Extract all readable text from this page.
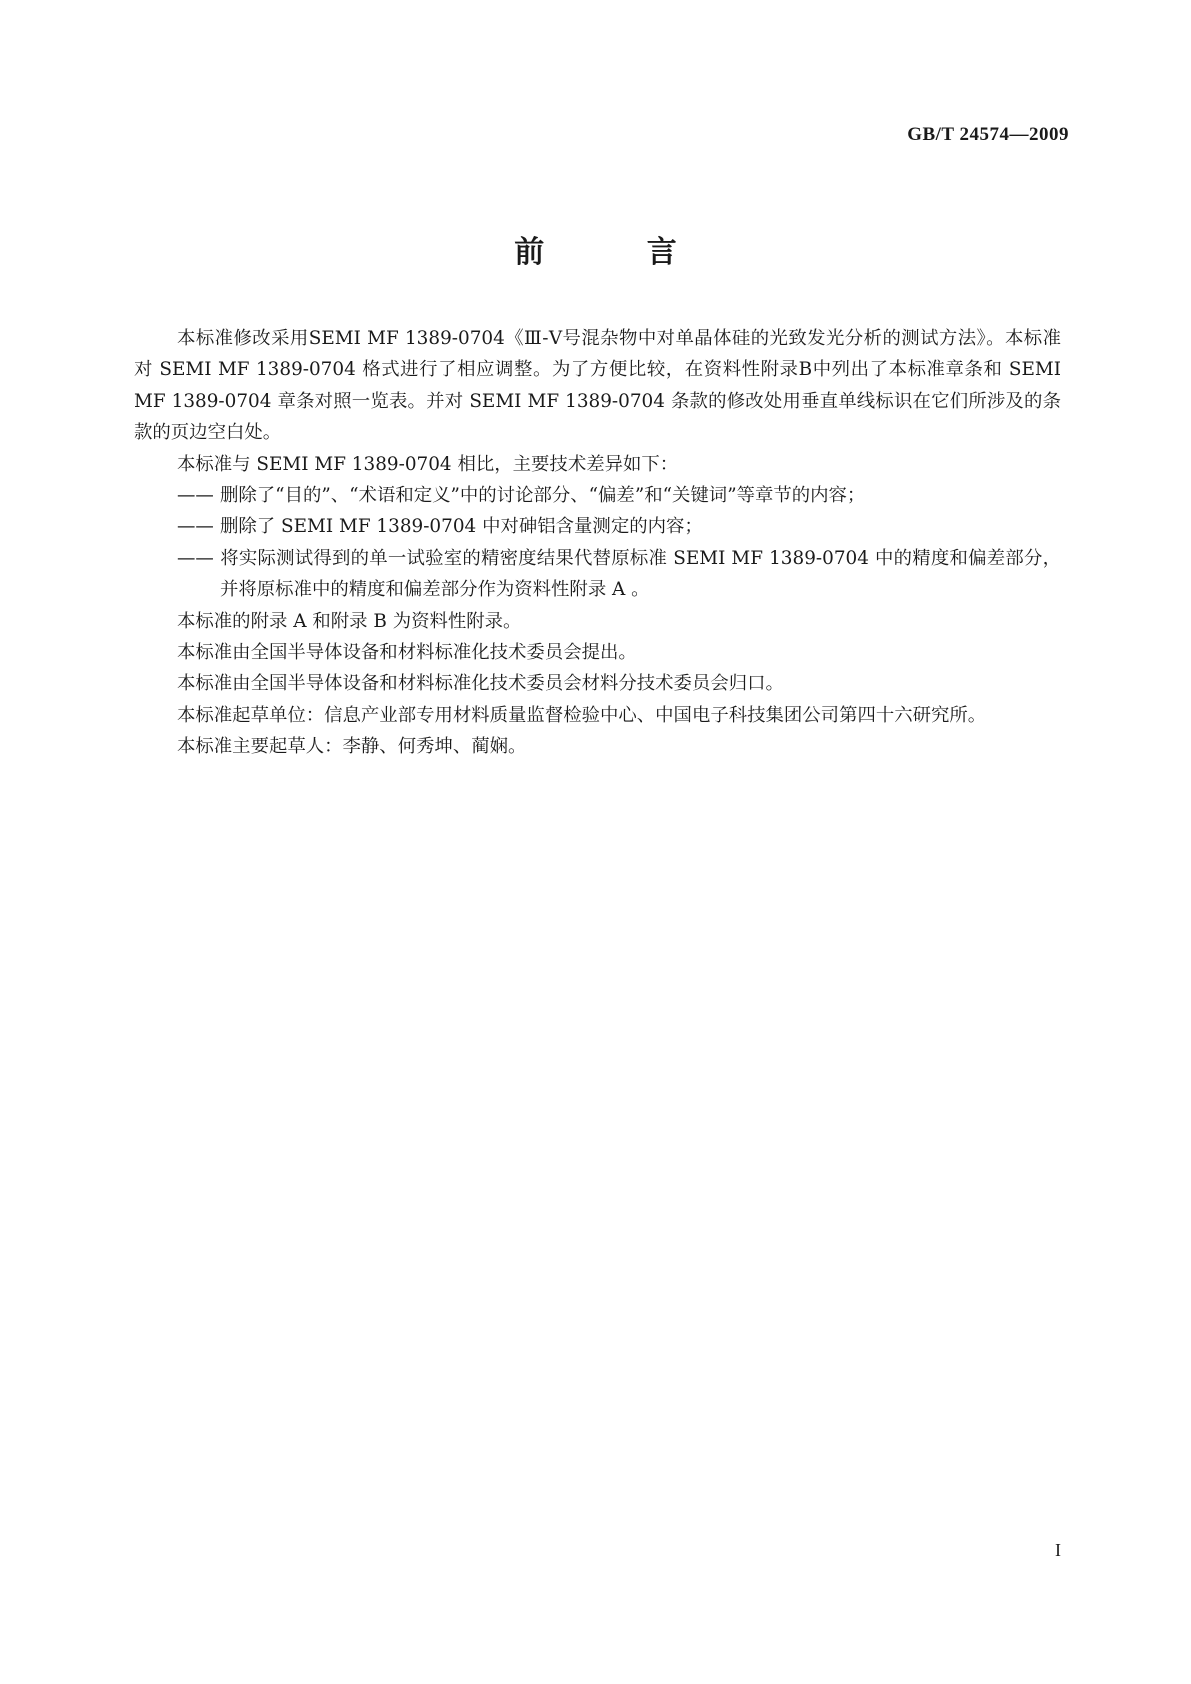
GB/T 24574—2009
前 言

本标准修改采用SEMI MF 1389-0704《Ⅲ-Ⅴ号混杂物中对单晶体硅的光致发光分析的测试方法》。本标准对 SEMI MF 1389-0704 格式进行了相应调整。为了方便比较，在资料性附录B中列出了本标准章条和 SEMI MF 1389-0704 章条对照一览表。并对 SEMI MF 1389-0704 条款的修改处用垂直单线标识在它们所涉及的条款的页边空白处。

本标准与 SEMI MF 1389-0704 相比，主要技术差异如下：

—— 删除了“目的”、“术语和定义”中的讨论部分、“偏差”和“关键词”等章节的内容；

—— 删除了 SEMI MF 1389-0704 中对砷铝含量测定的内容；

—— 将实际测试得到的单一试验室的精密度结果代替原标准 SEMI MF 1389-0704 中的精度和偏差部分，并将原标准中的精度和偏差部分作为资料性附录 A 。

本标准的附录 A 和附录 B 为资料性附录。

本标准由全国半导体设备和材料标准化技术委员会提出。

本标准由全国半导体设备和材料标准化技术委员会材料分技术委员会归口。

本标准起草单位：信息产业部专用材料质量监督检验中心、中国电子科技集团公司第四十六研究所。

本标准主要起草人：李静、何秀坤、蔺娴。

I
